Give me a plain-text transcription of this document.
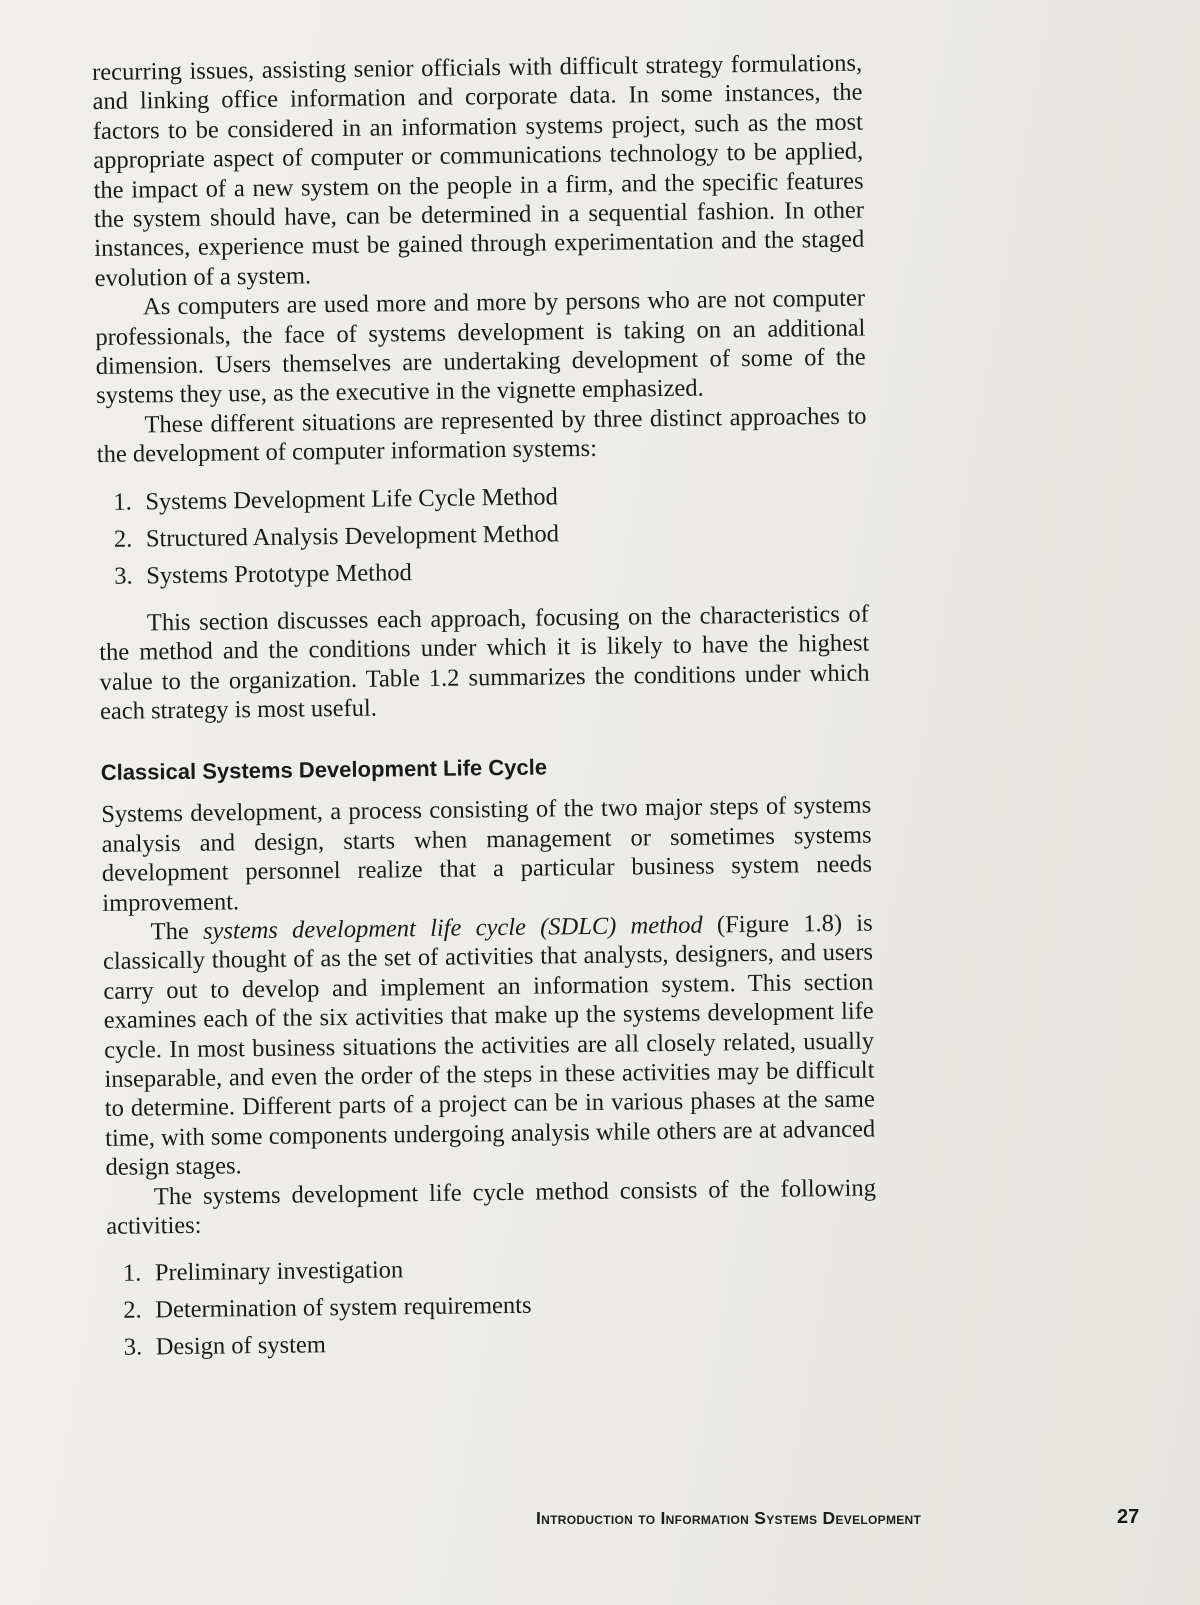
recurring issues, assisting senior officials with difficult strategy formulations, and linking office information and corporate data. In some instances, the factors to be considered in an information systems project, such as the most appropriate aspect of computer or communications technology to be applied, the impact of a new system on the people in a firm, and the specific features the system should have, can be determined in a sequential fashion. In other instances, experience must be gained through experimentation and the staged evolution of a system.

As computers are used more and more by persons who are not computer professionals, the face of systems development is taking on an additional dimension. Users themselves are undertaking development of some of the systems they use, as the executive in the vignette emphasized.

These different situations are represented by three distinct approaches to the development of computer information systems:

1. Systems Development Life Cycle Method
2. Structured Analysis Development Method
3. Systems Prototype Method

This section discusses each approach, focusing on the characteristics of the method and the conditions under which it is likely to have the highest value to the organization. Table 1.2 summarizes the conditions under which each strategy is most useful.

Classical Systems Development Life Cycle

Systems development, a process consisting of the two major steps of systems analysis and design, starts when management or sometimes systems development personnel realize that a particular business system needs improvement.

The systems development life cycle (SDLC) method (Figure 1.8) is classically thought of as the set of activities that analysts, designers, and users carry out to develop and implement an information system. This section examines each of the six activities that make up the systems development life cycle. In most business situations the activities are all closely related, usually inseparable, and even the order of the steps in these activities may be difficult to determine. Different parts of a project can be in various phases at the same time, with some components undergoing analysis while others are at advanced design stages.

The systems development life cycle method consists of the following activities:

1. Preliminary investigation
2. Determination of system requirements
3. Design of system
Introduction to Information Systems Development	27
